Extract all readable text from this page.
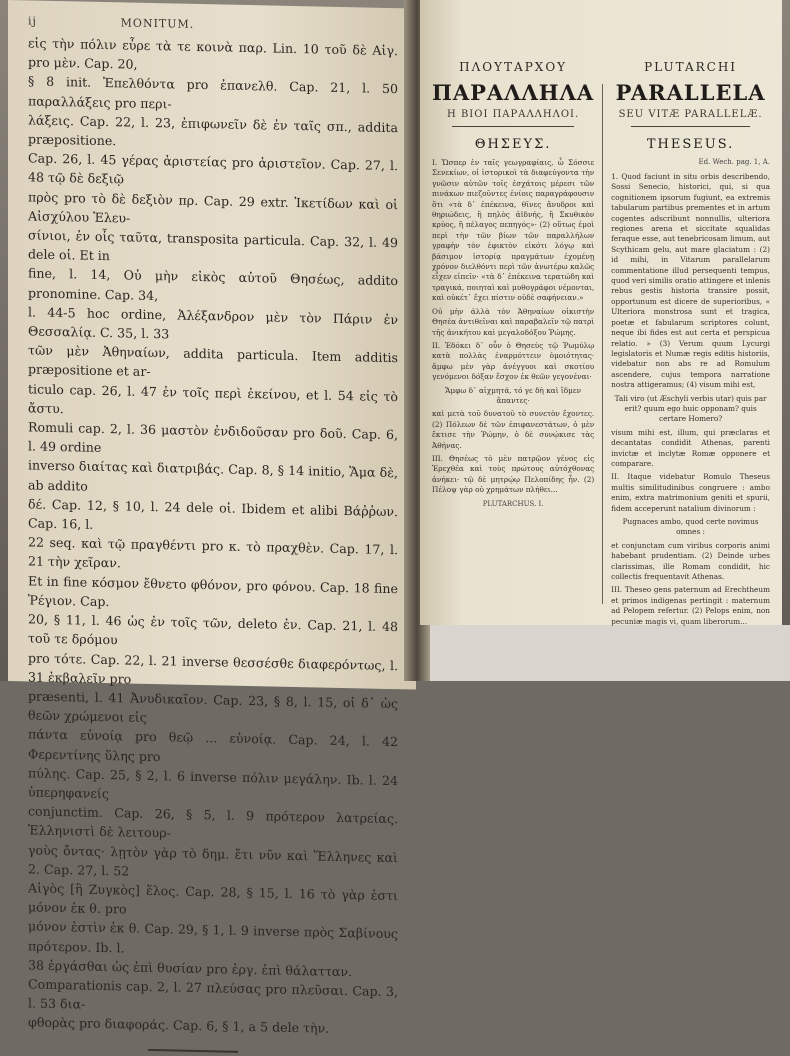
ij	MONITUM.

εἰς τὴν πόλιν εὗρε τὰ τε κοινὰ παρ. Lin. 10 τοῦ δὲ Αἰγ. pro μὲν. Cap. 20,

§ 8 init. Ἐπελθόντα pro ἐπανελθ. Cap. 21, l. 50 παραλλάξεις pro περι-

λάξεις. Cap. 22, l. 23, ἐπιφωνεῖν δὲ ἐν ταῖς σπ., addita præpositione.

Cap. 26, l. 45 γέρας ἀριστείας pro ἀριστεῖον. Cap. 27, l. 48 τῷ δὲ δεξιῷ

πρὸς pro τὸ δὲ δεξιὸν πρ. Cap. 29 extr. Ἰκετίδων καὶ οἱ Αἰσχύλου Ἐλευ-

σίνιοι, ἐν οἷς ταῦτα, transposita particula. Cap. 32, l. 49 dele οἱ. Et in

fine, l. 14, Οὐ μὴν εἰκὸς αὐτοῦ Θησέως, addito pronomine. Cap. 34,

l. 44-5 hoc ordine, Ἀλέξανδρον μὲν τὸν Πάριν ἐν Θεσσαλίᾳ. C. 35, l. 33

τῶν μὲν Ἀθηναίων, addita particula. Item additis præpositione et ar-

ticulo cap. 26, l. 47 ἐν τοῖς περὶ ἐκείνου, et l. 54 εἰς τὸ ἄστυ.

Romuli cap. 2, l. 36 μαστὸν ἐνδιδοῦσαν pro δοῦ. Cap. 6, l. 49 ordine

inverso διαίτας καὶ διατριβάς. Cap. 8, § 14 initio, Ἅμα δὲ, ab addito

δέ. Cap. 12, § 10, l. 24 dele οἱ. Ibidem et alibi Βάῤῥων. Cap. 16, l.

22 seq. καὶ τῷ πραγθέντι pro κ. τὸ πραχθὲν. Cap. 17, l. 21 τὴν χεῖραν.

Et in fine κόσμον ἔθνετο φθόνον, pro φόνου. Cap. 18 fine Ῥέγιον. Cap.

20, § 11, l. 46 ὡς ἐν τοῖς τῶν, deleto ἐν. Cap. 21, l. 48 τοῦ τε δρόμου

pro τότε. Cap. 22, l. 21 inverse θεσσέσθε διαφερόντως, l. 31 ἐκβαλεῖν pro

præsenti, l. 41 Ἀνυδικαῖον. Cap. 23, § 8, l. 15, οἱ δ᾽ ὡς θεῶν χρώμενοι εἰς

πάντα εὐνοίᾳ pro θεῷ ... εὐνοίᾳ. Cap. 24, l. 42 Φερεντίνης ὕλης pro

πύλης. Cap. 25, § 2, l. 6 inverse πόλιν μεγάλην. Ib. l. 24 ὑπερηφανείς

conjunctim. Cap. 26, § 5, l. 9 πρότερον λατρείας. Ἑλληνιστὶ δὲ λειτουρ-

γοὺς ὄντας· λῃτὸν γὰρ τὸ δημ. ἔτι νῦν καὶ Ἕλληνες καὶ 2. Cap. 27, l. 52

Αἰγὸς [ἢ Ζυγκὸς] ἕλος. Cap. 28, § 15, l. 16 τὸ γὰρ ἐστι μόνον ἐκ θ. pro

μόνον ἐστὶν ἐκ θ. Cap. 29, § 1, l. 9 inverse πρὸς Σαβίνους πρότερον. Ib. l.

38 ἐργάσθαι ὡς ἐπὶ θυσίαν pro ἐργ. ἐπὶ θάλατταν.

Comparationis cap. 2, l. 27 πλεύσας pro πλεῦσαι. Cap. 3, l. 53 δια-

φθορὰς pro διαφοράς. Cap. 6, § 1, a 5 dele τὴν.

ΠΛΟΥΤΑΡΧΟΥ
ΠΑΡΑΛΛΗΛΑ
Η ΒΙΟΙ ΠΑΡΑΛΛΗΛΟΙ.
ΘΗΣΕΥΣ.

I. Ὥσπερ ἐν ταῖς γεωγραφίαις, ὦ Σόσσιε Σενεκίων, οἱ ἱστορικοὶ τὰ διαφεύγοντα τὴν γνῶσιν αὐτῶν τοῖς ἐσχάτοις μέρεσι τῶν πινάκων πιεζοῦντες ἐνίοις παραγράφουσιν ὅτι «τὰ δ᾽ ἐπέκεινα, θῖνες ἄνυδροι καὶ θηριώδεις, ἢ πηλὸς ἀϊδνής, ἢ Σκυθικὸν κρύος, ἢ πέλαγος πεπηγός»· (2) οὕτως ἐμοὶ περὶ τὴν τῶν βίων τῶν παραλλήλων γραφὴν τὸν ἐφικτὸν εἰκότι λόγῳ καὶ βάσιμον ἱστορίᾳ πραγμάτων ἐχομένῃ χρόνον διελθόντι περὶ τῶν ἀνωτέρω καλῶς εἶχεν εἰπεῖν· «τὰ δ᾽ ἐπέκεινα τερατώδη καὶ τραγικά, ποιηταὶ καὶ μυθογράφοι νέμονται, καὶ οὐκέτ᾽ ἔχει πίστιν οὐδὲ σαφήνειαν.»

Οὐ μὴν ἀλλὰ τὸν Ἀθηναίων οἰκιστὴν Θησέα ἀντιθεῖναι καὶ παραβαλεῖν τῷ πατρὶ τῆς ἀνικήτου καὶ μεγαλοδόξου Ῥώμης.

II. Ἐδόκει δ᾽ οὖν ὁ Θησεὺς τῷ Ῥωμύλῳ κατὰ πολλὰς ἐναρμόττειν ὁμοιότητας· ἄμφω μὲν γὰρ ἀνέγγυοι καὶ σκοτίου γενόμενοι δόξαν ἔσχον ἐκ θεῶν γεγονέναι·

Ἄμφω δ᾽ αἰχμητά, τό γε δὴ καὶ ἴδμεν ἅπαντες·

καὶ μετὰ τοῦ δυνατοῦ τὸ συνετὸν ἔχοντες. (2) Πόλεων δὲ τῶν ἐπιφανεστάτων, ὁ μὲν ἔκτισε τὴν Ῥώμην, ὁ δὲ συνῴκισε τὰς Ἀθήνας.

III. Θησέως τὸ μὲν πατρῷον γένος εἰς Ἐρεχθέα καὶ τοὺς πρώτους αὐτόχθονας ἀνήκει· τῷ δὲ μητρῴῳ Πελοπίδης ἦν. (2) Πέλοψ γὰρ οὐ χρημάτων πλήθει...

PLUTARCHUS. I.
PLUTARCHI
PARALLELA
SEU VITÆ PARALLELÆ.
THESEUS.
Ed. Wech. pag. 1, A.

1. Quod faciunt in situ orbis describendo, Sossi Senecio, historici, qui, si qua cognitionem ipsorum fugiunt, ea extremis tabularum partibus prementes et in artum cogentes adscribunt nonnullis, ulteriora regiones arena et siccitate squalidas feraque esse, aut tenebricosam limum, aut Scythicam gelu, aut mare glaciatum : (2) id mihi, in Vitarum parallelarum commentatione illud persequenti tempus, quod veri similis oratio attingere et inlenis rebus gestis historia transire possit, opportunum est dicere de superioribus, « Ulteriora monstrosa sunt et tragica, poetæ et fabularum scriptores colunt, neque ibi fides est aut certa et perspicua relatio. » (3) Verum quum Lycurgi legislatoris et Numæ regis editis historiis, videbatur non abs re ad Romulum ascendere, cujus tempora narratione nostra attigeramus; (4) visum mihi est,

Tali viro (ut Æschyli verbis utar) quis par erit? quum ego huic opponam? quis certare Homero?

visum mihi est, illum, qui præclaras et decantatas condidit Athenas, parenti invictæ et inclytæ Romæ opponere et comparare.

II. Itaque videbatur Romulo Theseus multis similitudinibus congruere : ambo enim, extra matrimonium geniti et spurii, fidem acceperunt natalium divinorum :

Pugnaces ambo, quod certe novimus omnes :

et conjunctam cum viribus corporis animi habebant prudentiam. (2) Deinde urbes clarissimas, ille Romam condidit, hic collectis frequentavit Athenas.

III. Theseo gens paternum ad Erechtheum et primos indigenas pertingit : maternum ad Pelopem refertur. (2) Pelops enim, non pecuniæ magis vi, quam liberorum...
